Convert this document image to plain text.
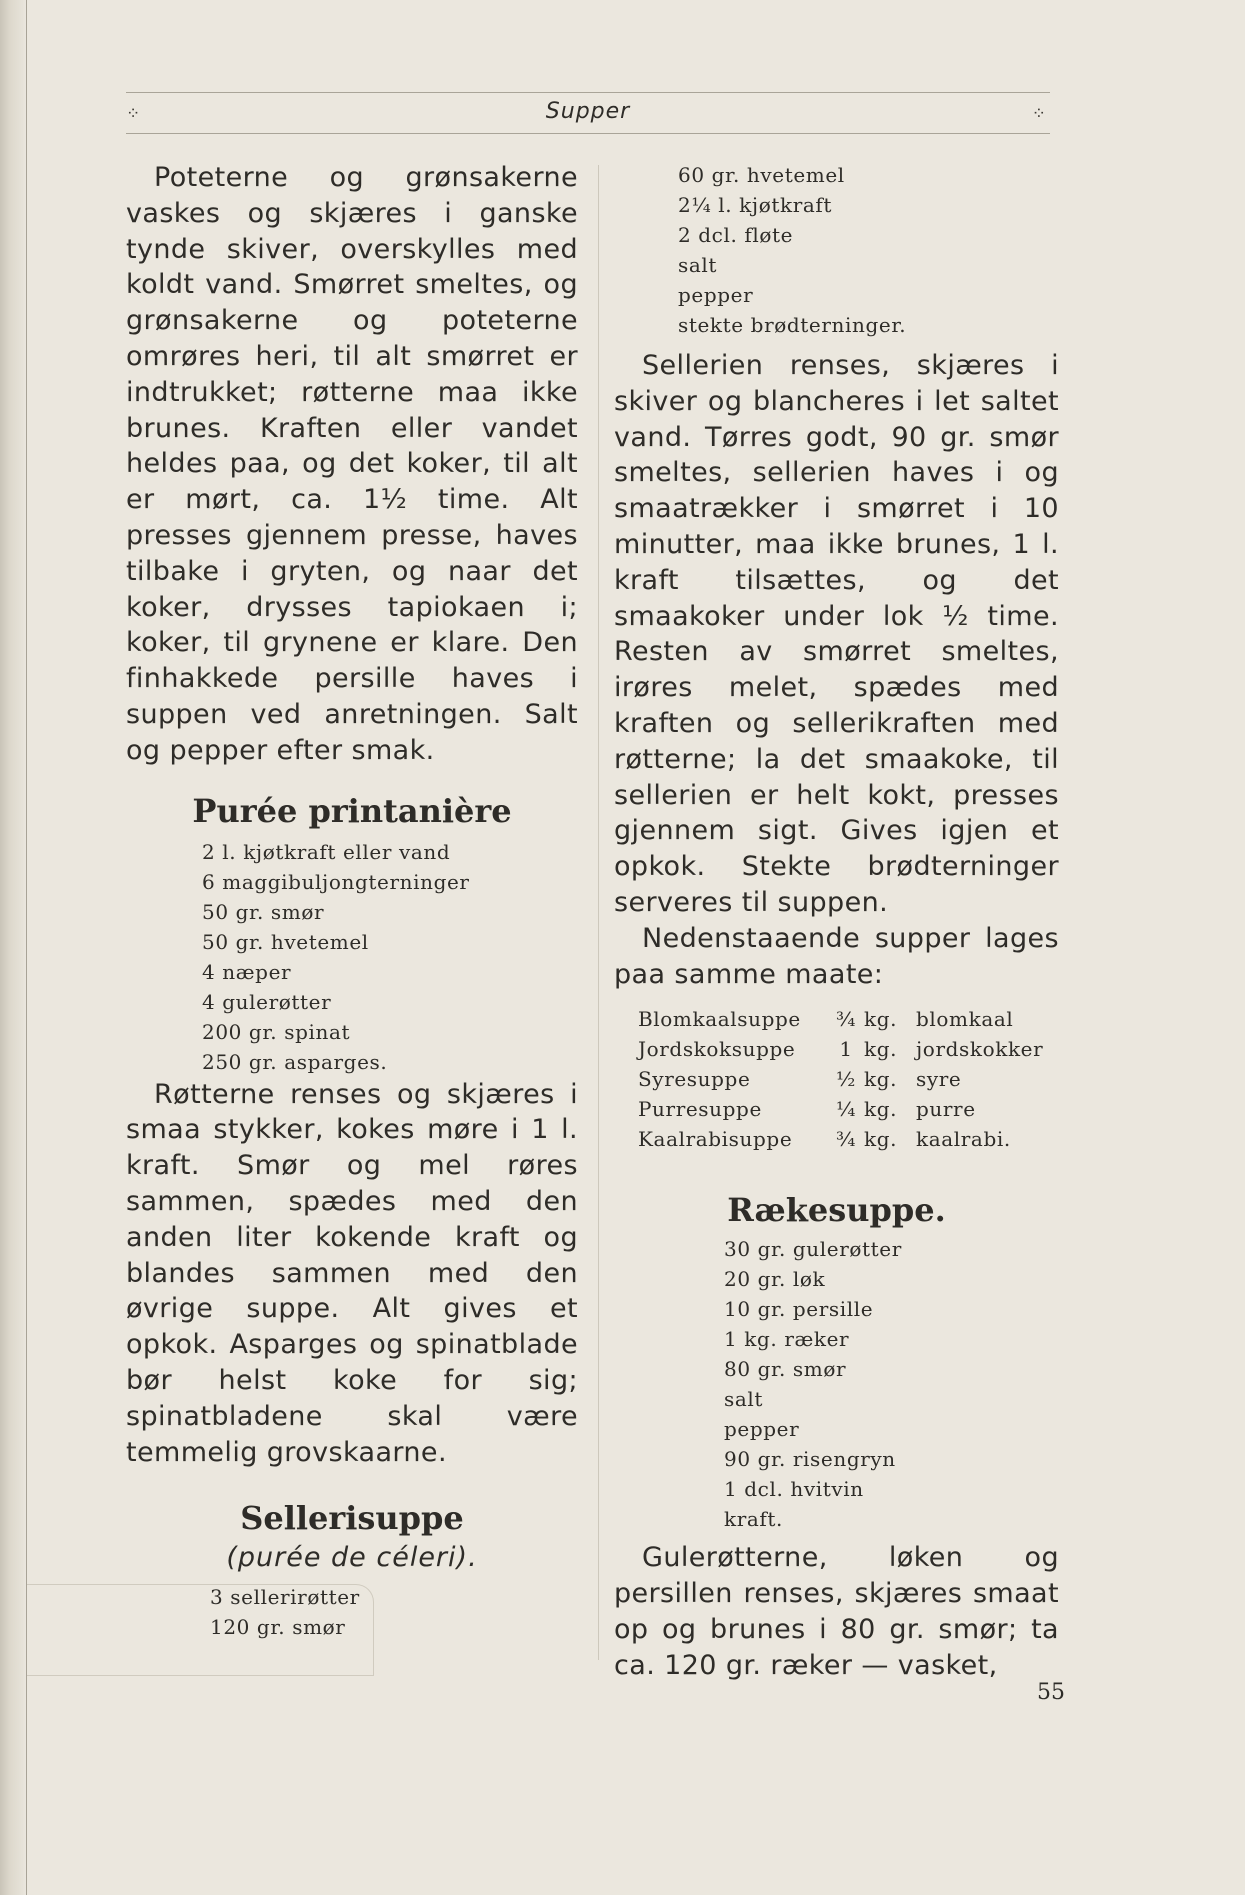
⁘	Supper	⁘

Poteterne og grønsakerne vaskes og skjæres i ganske tynde skiver, overskylles med koldt vand. Smørret smeltes, og grønsakerne og poteterne omrøres heri, til alt smørret er indtrukket; røtterne maa ikke brunes. Kraften eller vandet heldes paa, og det koker, til alt er mørt, ca. 1½ time. Alt presses gjennem presse, haves tilbake i gryten, og naar det koker, drysses tapiokaen i; koker, til grynene er klare. Den finhakkede persille haves i suppen ved anretningen. Salt og pepper efter smak.

Purée printanière
2 l. kjøtkraft eller vand
6 maggibuljongterninger
50 gr. smør
50 gr. hvetemel
4 næper
4 gulerøtter
200 gr. spinat
250 gr. asparges.

Røtterne renses og skjæres i smaa stykker, kokes møre i 1 l. kraft. Smør og mel røres sammen, spædes med den anden liter kokende kraft og blandes sammen med den øvrige suppe. Alt gives et opkok. Asparges og spinatblade bør helst koke for sig; spinatbladene skal være temmelig grovskaarne.

Sellerisuppe

(purée de céleri).

3 sellerirøtter
120 gr. smør
60 gr. hvetemel
2¼ l. kjøtkraft
2 dcl. fløte
salt
pepper
stekte brødterninger.

Sellerien renses, skjæres i skiver og blancheres i let saltet vand. Tørres godt, 90 gr. smør smeltes, sellerien haves i og smaatrækker i smørret i 10 minutter, maa ikke brunes, 1 l. kraft tilsættes, og det smaakoker under lok ½ time. Resten av smørret smeltes, irøres melet, spædes med kraften og sellerikraften med røtterne; la det smaakoke, til sellerien er helt kokt, presses gjennem sigt. Gives igjen et opkok. Stekte brødterninger serveres til suppen.

Nedenstaaende supper lages paa samme maate:

Blomkaalsuppe	¾	kg.	blomkaal
Jordskoksuppe	1	kg.	jordskokker
Syresuppe	½	kg.	syre
Purresuppe	¼	kg.	purre
Kaalrabisuppe	¾	kg.	kaalrabi.
Rækesuppe.
30 gr. gulerøtter
20 gr. løk
10 gr. persille
1 kg. ræker
80 gr. smør
salt
pepper
90 gr. risengryn
1 dcl. hvitvin
kraft.

Gulerøtterne, løken og persillen renses, skjæres smaat op og brunes i 80 gr. smør; ta ca. 120 gr. ræker — vasket,

55
